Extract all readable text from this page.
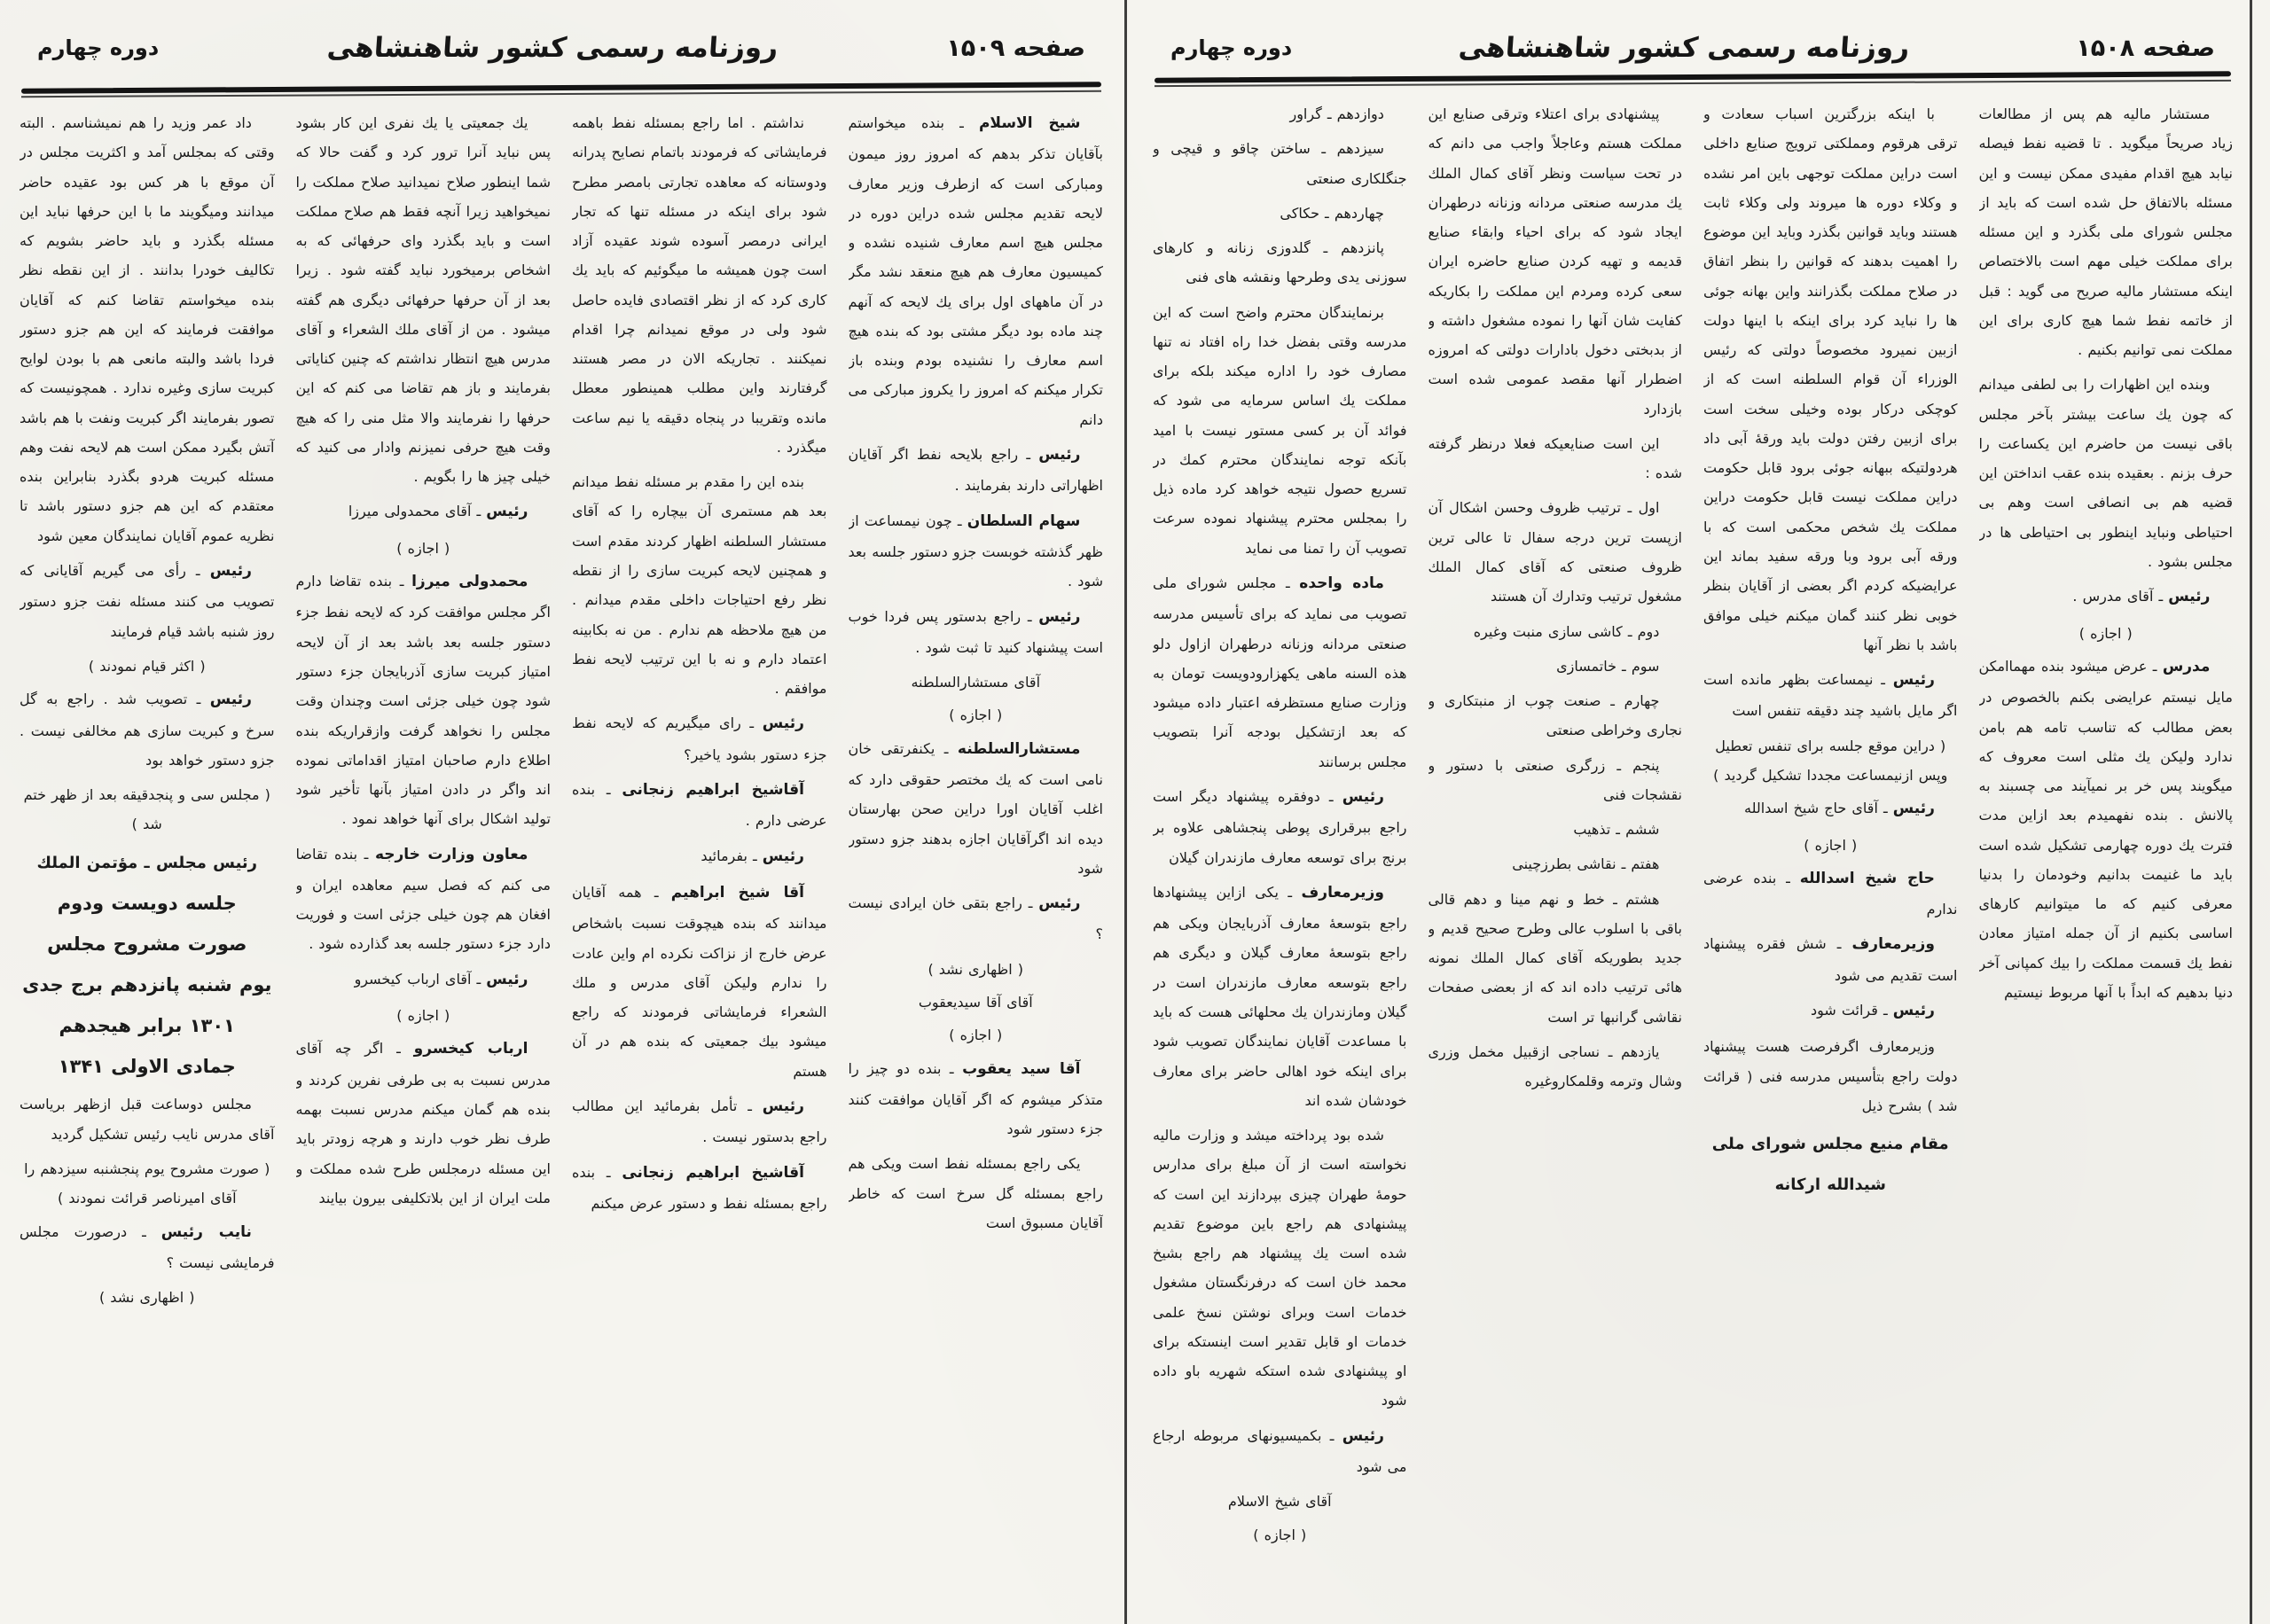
صفحه ۱۵۰۹
روزنامه رسمی کشور شاهنشاهی
دوره چهارم

شیخ الاسلام ـ بنده میخواستم بآقایان تذکر بدهم که امروز روز میمون ومبارکی است که ازطرف وزیر معارف لایحه تقدیم مجلس شده دراین دوره در مجلس هیچ اسم معارف شنیده نشده و کمیسیون معارف هم هیچ منعقد نشد مگر در آن ماههای اول برای یك لایحه که آنهم چند ماده بود دیگر مشتی بود که بنده هیچ اسم معارف را نشنیده بودم وبنده باز تکرار میکنم که امروز را یکروز مبارکی می دانم

رئیس ـ راجع بلایحه نفط اگر آقایان اظهاراتی دارند بفرمایند .

سهام السلطان ـ چون نیمساعت از ظهر گذشته خوبست جزو دستور جلسه بعد شود .

رئیس ـ راجع بدستور پس فردا خوب است پیشنهاد کنید تا ثبت شود .

آقای مستشارالسلطنه

( اجازه )

مستشارالسلطنه ـ یکنفرتقی خان نامی است که یك مختصر حقوقی دارد که اغلب آقایان اورا دراین صحن بهارستان دیده اند اگرآقایان اجازه بدهند جزو دستور شود

رئیس ـ راجع بتقی خان ایرادی نیست ؟

( اظهاری نشد )

آقای آقا سیدیعقوب

( اجازه )

آقا سید یعقوب ـ بنده دو چیز را متذکر میشوم که اگر آقایان موافقت کنند جزء دستور شود

یکی راجع بمسئله نفط است ویکی هم راجع بمسئله گل سرخ است که خاطر آقایان مسبوق است

نداشتم . اما راجع بمسئله نفط باهمه فرمایشاتی که فرمودند باتمام نصایح پدرانه ودوستانه که معاهده تجارتی بامصر مطرح شود برای اینکه در مسئله تنها که تجار ایرانی درمصر آسوده شوند عقیده آزاد است چون همیشه ما میگوئیم که باید یك کاری کرد که از نظر اقتصادی فایده حاصل شود ولی در موقع نمیدانم چرا اقدام نمیکنند . تجاریکه الان در مصر هستند گرفتارند واین مطلب همینطور معطل مانده وتقریبا در پنجاه دقیقه یا نیم ساعت میگذرد .

بنده این را مقدم بر مسئله نفط میدانم بعد هم مستمری آن بیچاره را که آقای مستشار السلطنه اظهار کردند مقدم است و همچنین لایحه کبریت سازی را از نقطه نظر رفع احتیاجات داخلی مقدم میدانم . من هیچ ملاحظه هم ندارم . من نه بکابینه اعتماد دارم و نه با این ترتیب لایحه نفط موافقم .

رئیس ـ رای میگیریم که لایحه نفط جزء دستور بشود یاخیر؟

آقاشیخ ابراهیم زنجانی ـ بنده عرضی دارم .

رئیس ـ بفرمائید

آقا شیخ ابراهیم ـ همه آقایان میدانند که بنده هیچوقت نسبت باشخاص عرض خارج از نزاکت نکرده ام واین عادت را ندارم ولیکن آقای مدرس و ملك الشعراء فرمایشاتی فرمودند که راجع میشود بیك جمعیتی که بنده هم در آن هستم

رئیس ـ تأمل بفرمائید این مطالب راجع بدستور نیست .

آقاشیخ ابراهیم زنجانی ـ بنده راجع بمسئله نفط و دستور عرض میکنم

یك جمعیتی یا یك نفری این کار بشود پس نباید آنرا ترور کرد و گفت حالا که شما اینطور صلاح نمیدانید صلاح مملکت را نمیخواهید زیرا آنچه فقط هم صلاح مملکت است و باید بگذرد وای حرفهائی که به اشخاص برمیخورد نباید گفته شود . زیرا بعد از آن حرفها حرفهائی دیگری هم گفته میشود . من از آقای ملك الشعراء و آقای مدرس هیچ انتظار نداشتم که چنین کنایاتی بفرمایند و باز هم تقاضا می کنم که این حرفها را نفرمایند والا مثل منی را که هیچ وقت هیچ حرفی نمیزنم وادار می کنید که خیلی چیز ها را بگویم .

رئیس ـ آقای محمدولی میرزا

( اجازه )

محمدولی میرزا ـ بنده تقاضا دارم اگر مجلس موافقت کرد که لایحه نفط جزء دستور جلسه بعد باشد بعد از آن لایحه امتیاز کبریت سازی آذربایجان جزء دستور شود چون خیلی جزئی است وچندان وقت مجلس را نخواهد گرفت وازقراریکه بنده اطلاع دارم صاحبان امتیاز اقداماتی نموده اند واگر در دادن امتیاز بآنها تأخیر شود تولید اشکال برای آنها خواهد نمود .

معاون وزارت خارجه ـ بنده تقاضا می کنم که فصل سیم معاهده ایران و افغان هم چون خیلی جزئی است و فوریت دارد جزء دستور جلسه بعد گذارده شود .

رئیس ـ آقای ارباب کیخسرو

( اجازه )

ارباب کیخسرو ـ اگر چه آقای مدرس نسبت به بی طرفی نفرین کردند و بنده هم گمان میکنم مدرس نسبت بهمه طرف نظر خوب دارند و هرچه زودتر باید این مسئله درمجلس طرح شده مملکت و ملت ایران از این بلاتکلیفی بیرون بیایند

داد عمر وزید را هم نمیشناسم . البته وقتی که بمجلس آمد و اکثریت مجلس در آن موقع با هر کس بود عقیده حاضر میدانند ومیگویند ما با این حرفها نباید این مسئله بگذرد و باید حاضر بشویم که تکالیف خودرا بدانند . از این نقطه نظر بنده میخواستم تقاضا کنم که آقایان موافقت فرمایند که این هم جزو دستور فردا باشد والبته مانعی هم با بودن لوایح کبریت سازی وغیره ندارد . همچونیست که تصور بفرمایند اگر کبریت ونفت با هم باشد آتش بگیرد ممکن است هم لایحه نفت وهم مسئله کبریت هردو بگذرد بنابراین بنده معتقدم که این هم جزو دستور باشد تا نظریه عموم آقایان نمایندگان معین شود

رئیس ـ رأی می گیریم آقایانی که تصویب می کنند مسئله نفت جزو دستور روز شنبه باشد قیام فرمایند

( اکثر قیام نمودند )

رئیس ـ تصویب شد . راجع به گل سرخ و کبریت سازی هم مخالفی نیست . جزو دستور خواهد بود

( مجلس سی و پنجدقیقه بعد از ظهر ختم شد )

رئیس مجلس ـ مؤتمن الملك

جلسه دویست ودوم

صورت مشروح مجلس

یوم شنبه پانزدهم برج جدی

۱۳۰۱ برابر هیجدهم

جمادی الاولی ۱۳۴۱

مجلس دوساعت قبل ازظهر بریاست آقای مدرس نایب رئیس تشکیل گردید

( صورت مشروح یوم پنجشنبه سیزدهم را آقای امیرناصر قرائت نمودند )

نایب رئیس ـ درصورت مجلس فرمایشی نیست ؟

( اظهاری نشد )

صفحه ۱۵۰۸
روزنامه رسمی کشور شاهنشاهی
دوره چهارم

مستشار مالیه هم پس از مطالعات زیاد صریحاً میگوید . تا قضیه نفط فیصله نیابد هیچ اقدام مفیدی ممکن نیست و این مسئله بالاتفاق حل شده است که باید از مجلس شورای ملی بگذرد و این مسئله برای مملکت خیلی مهم است بالاختصاص اینکه مستشار مالیه صریح می گوید : قبل از خاتمه نفط شما هیچ کاری برای این مملکت نمی توانیم بکنیم .

وبنده این اظهارات را بی لطفی میدانم که چون یك ساعت بیشتر بآخر مجلس باقی نیست من حاضرم این یکساعت را حرف بزنم . بعقیده بنده عقب انداختن این قضیه هم بی انصافی است وهم بی احتیاطی ونباید اینطور بی احتیاطی ها در مجلس بشود .

رئیس ـ آقای مدرس .

( اجازه )

مدرس ـ عرض میشود بنده مهماامکن مایل نیستم عرایضی بکنم بالخصوص در بعض مطالب که تناسب تامه هم بامن ندارد ولیکن یك مثلی است معروف که میگویند پس خر بر نمیآیند می چسبند به پالانش . بنده نفهمیدم بعد ازاین مدت فترت یك دوره چهارمی تشکیل شده است باید ما غنیمت بدانیم وخودمان را بدنیا معرفی کنیم که ما میتوانیم کارهای اساسی بکنیم از آن جمله امتیاز معادن نفط یك قسمت مملکت را بیك کمپانی آخر دنیا بدهیم که ابداً با آنها مربوط نیستیم

با اینکه بزرگترین اسباب سعادت و ترقی هرقوم ومملکتی ترویج صنایع داخلی است دراین مملکت توجهی باین امر نشده و وکلاء دوره ها میروند ولی وکلاء ثابت هستند وباید قوانین بگذرد وباید این موضوع را اهمیت بدهند که قوانین را بنظر اتفاق در صلاح مملکت بگذرانند واین بهانه جوئی ها را نباید کرد برای اینکه با اینها دولت ازبین نمیرود مخصوصاً دولتی که رئیس الوزراء آن قوام السلطنه است که از کوچکی درکار بوده وخیلی سخت است برای ازبین رفتن دولت باید ورقهٔ آبی داد هردولتیکه ببهانه جوئی برود قابل حکومت دراین مملکت نیست قابل حکومت دراین مملکت یك شخص محکمی است که با ورقه آبی برود وبا ورقه سفید بماند این عرایضیکه کردم اگر بعضی از آقایان بنظر خوبی نظر کنند گمان میکنم خیلی موافق باشد با نظر آنها

رئیس ـ نیمساعت بظهر مانده است اگر مایل باشید چند دقیقه تنفس است

( دراین موقع جلسه برای تنفس تعطیل وپس ازنیمساعت مجددا تشکیل گردید )

رئیس ـ آقای حاج شیخ اسدالله

( اجازه )

حاج شیخ اسدالله ـ بنده عرضی ندارم

وزیرمعارف ـ شش فقره پیشنهاد است تقدیم می شود

رئیس ـ قرائت شود

وزیرمعارف اگرفرصت هست پیشنهاد دولت راجع بتأسیس مدرسه فنی ( قرائت شد ) بشرح ذیل

مقام منیع مجلس شورای ملی

شیدالله ارکانه

پیشنهادی برای اعتلاء وترقی صنایع این مملکت هستم وعاجلاً واجب می دانم که در تحت سیاست ونظر آقای کمال الملك یك مدرسه صنعتی مردانه وزنانه درطهران ایجاد شود که برای احیاء وابقاء صنایع قدیمه و تهیه کردن صنایع حاضره ایران سعی کرده ومردم این مملکت را بکاریکه کفایت شان آنها را نموده مشغول داشته و از بدبختی دخول بادارات دولتی که امروزه اضطرار آنها مقصد عمومی شده است بازدارد

این است صنایعیکه فعلا درنظر گرفته شده :

اول ـ ترتیب ظروف وحسن اشکال آن ازپست ترین درجه سفال تا عالی ترین ظروف صنعتی که آقای کمال الملك مشغول ترتیب وتدارك آن هستند

دوم ـ کاشی سازی منبت وغیره

سوم ـ خاتمسازی

چهارم ـ صنعت چوب از منبتکاری و نجاری وخراطی صنعتی

پنجم ـ زرگری صنعتی با دستور و نقشجات فنی

ششم ـ تذهیب

هفتم ـ نقاشی بطرزچینی

هشتم ـ خط و نهم مینا و دهم قالی باقی با اسلوب عالی وطرح صحیح قدیم و جدید بطوریکه آقای کمال الملك نمونه هائی ترتیب داده اند که از بعضی صفحات نقاشی گرانبها تر است

یازدهم ـ نساجی ازقبیل مخمل وزری وشال وترمه وقلمکاروغیره

دوازدهم ـ گراور

سیزدهم ـ ساختن چاقو و قیچی و جنگلکاری صنعتی

چهاردهم ـ حکاکی

پانزدهم ـ گلدوزی زنانه و کارهای سوزنی یدی وطرحها ونقشه های فنی

برنمایندگان محترم واضح است که این مدرسه وقتی بفضل خدا راه افتاد نه تنها مصارف خود را اداره میکند بلکه برای مملکت یك اساس سرمایه می شود که فوائد آن بر کسی مستور نیست با امید بآنکه توجه نمایندگان محترم کمك در تسریع حصول نتیجه خواهد کرد ماده ذیل را بمجلس محترم پیشنهاد نموده سرعت تصویب آن را تمنا می نماید

ماده واحده ـ مجلس شورای ملی تصویب می نماید که برای تأسیس مدرسه صنعتی مردانه وزنانه درطهران ازاول دلو هذه السنه ماهی یکهزارودویست تومان به وزارت صنایع مستظرفه اعتبار داده میشود که بعد ازتشکیل بودجه آنرا بتصویب مجلس برسانند

رئیس ـ دوفقره پیشنهاد دیگر است راجع ببرقراری پوطی پنجشاهی علاوه بر برنج برای توسعه معارف مازندران گیلان

وزیرمعارف ـ یکی ازاین پیشنهادها راجع بتوسعهٔ معارف آذربایجان ویکی هم راجع بتوسعهٔ معارف گیلان و دیگری هم راجع بتوسعه معارف مازندران است در گیلان ومازندران یك محلهائی هست که باید با مساعدت آقایان نمایندگان تصویب شود برای اینکه خود اهالی حاضر برای معارف خودشان شده اند

شده بود پرداخته میشد و وزارت مالیه نخواسته است از آن مبلغ برای مدارس حومهٔ طهران چیزی بپردازند این است که پیشنهادی هم راجع باین موضوع تقدیم شده است یك پیشنهاد هم راجع بشیخ محمد خان است که درفرنگستان مشغول خدمات است وبرای نوشتن نسخ علمی خدمات او قابل تقدیر است اینستکه برای او پیشنهادی شده استکه شهریه باو داده شود

رئیس ـ بکمیسیونهای مربوطه ارجاع می شود

آقای شیخ الاسلام

( اجازه )
